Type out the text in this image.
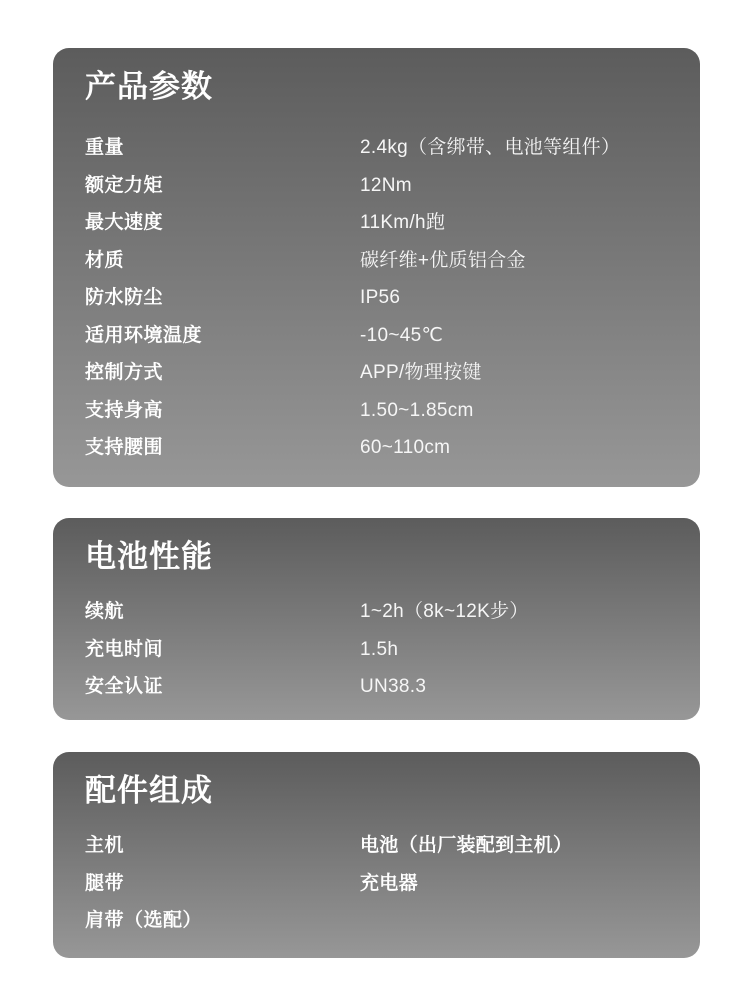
产品参数
重量	2.4kg（含绑带、电池等组件）
额定力矩	12Nm
最大速度	11Km/h跑
材质	碳纤维+优质铝合金
防水防尘	IP56
适用环境温度	-10~45℃
控制方式	APP/物理按键
支持身高	1.50~1.85cm
支持腰围	60~110cm
电池性能
续航	1~2h（8k~12K步）
充电时间	1.5h
安全认证	UN38.3
配件组成
主机	电池（出厂装配到主机）
腿带	充电器
肩带（选配）
